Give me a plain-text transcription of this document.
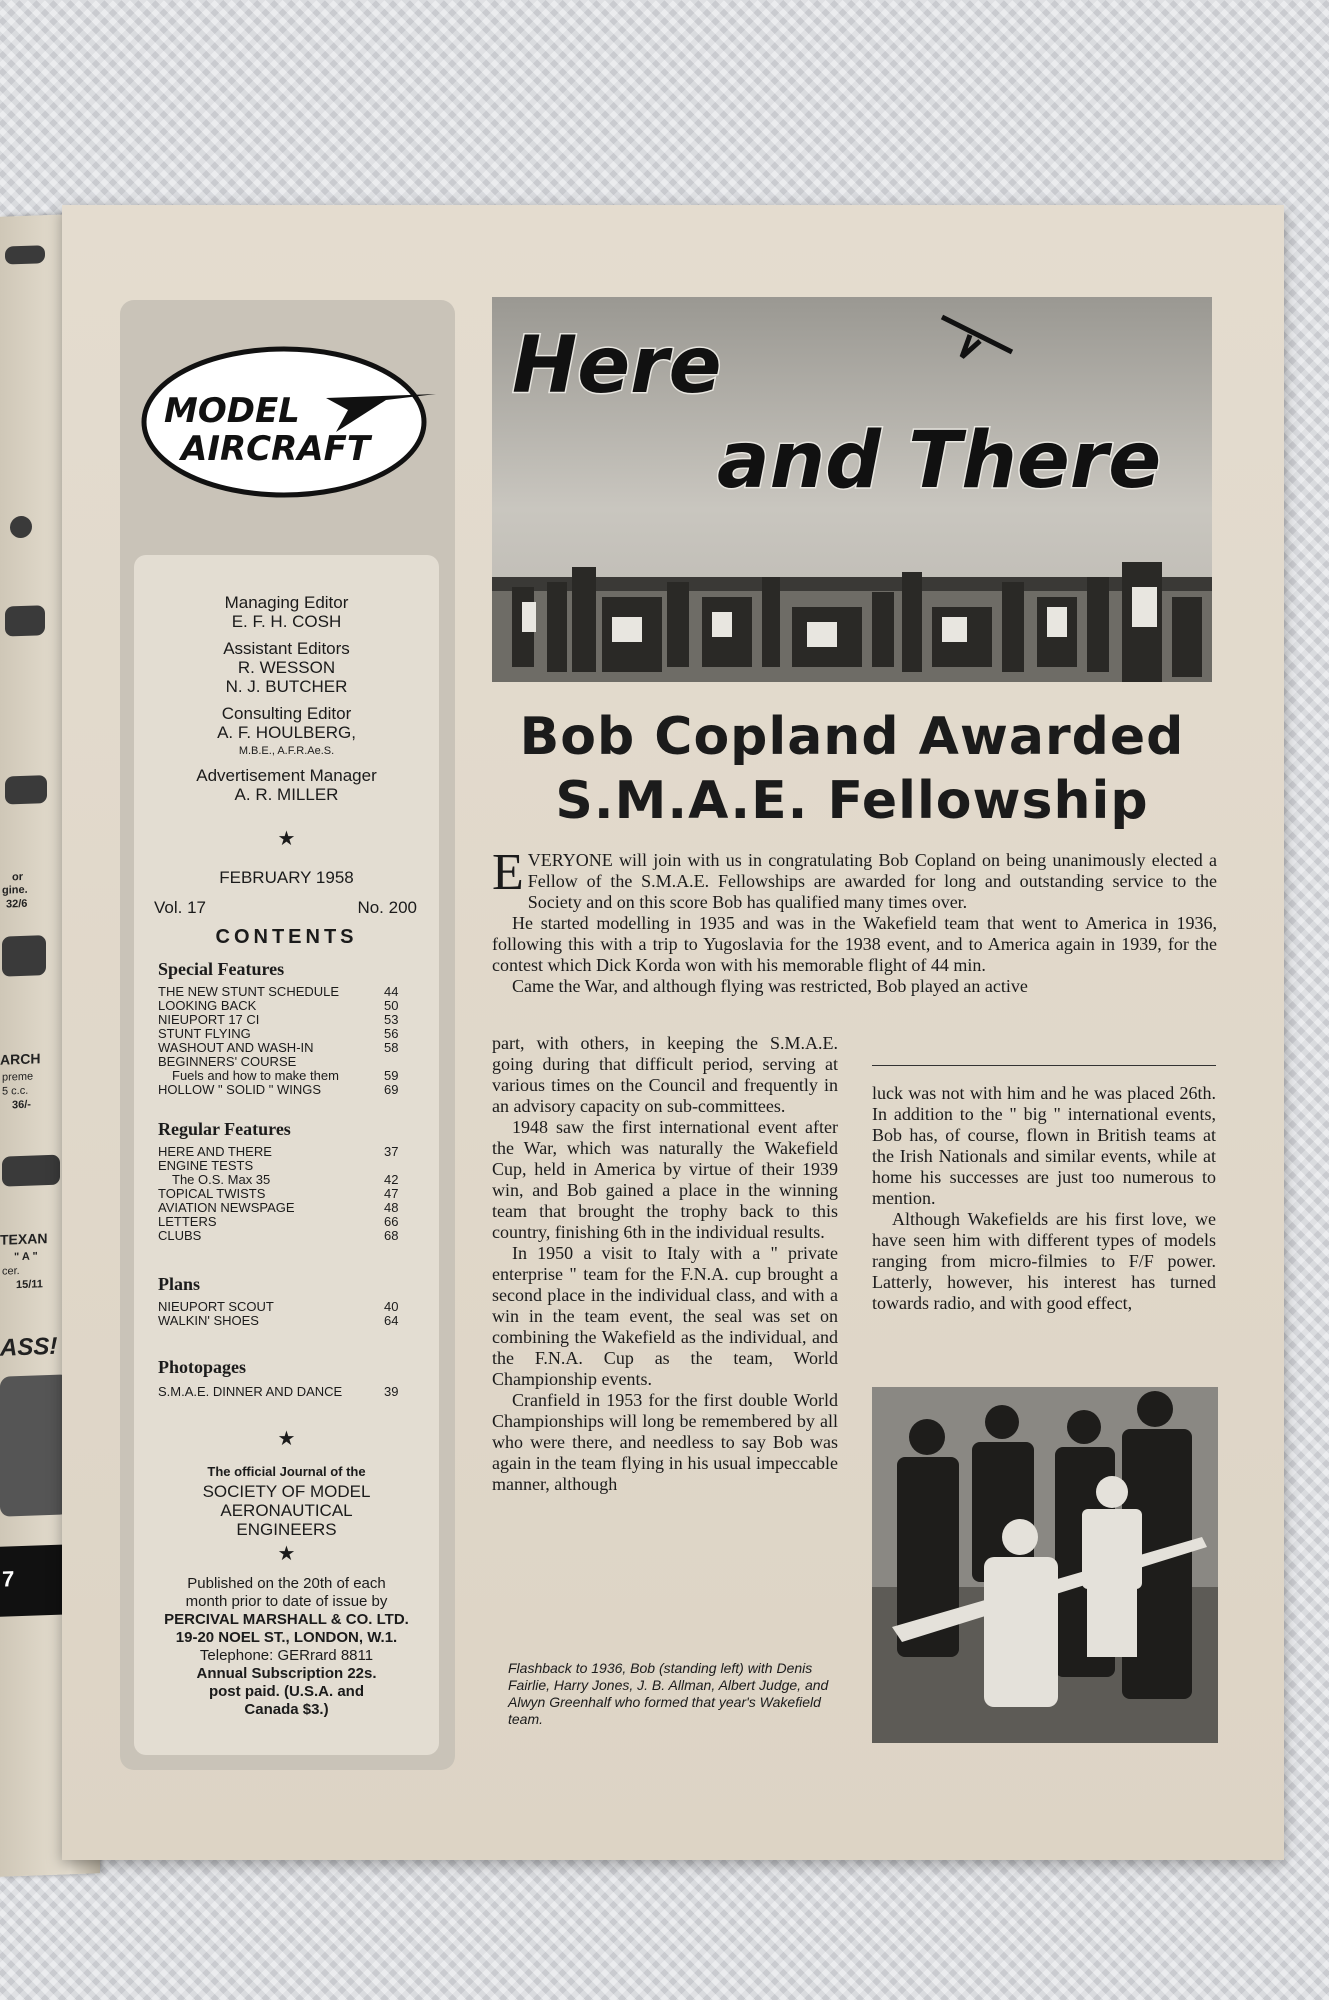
or
gine.
32/6
ARCH
preme
5 c.c.
36/-
TEXAN
" A "
cer.
15/11
ASS!
7
MODEL
AIRCRAFT
Managing Editor
E. F. H. COSH
Assistant Editors
R. WESSON
N. J. BUTCHER
Consulting Editor
A. F. HOULBERG,
M.B.E., A.F.R.Ae.S.
Advertisement Manager
A. R. MILLER
★
FEBRUARY 1958
Vol. 17	No. 200
CONTENTS
Special Features
THE NEW STUNT SCHEDULE	44
LOOKING BACK	50
NIEUPORT 17 CI	53
STUNT FLYING	56
WASHOUT AND WASH-IN	58
BEGINNERS' COURSE
Fuels and how to make them	59
HOLLOW " SOLID " WINGS	69
Regular Features
HERE AND THERE	37
ENGINE TESTS
The O.S. Max 35	42
TOPICAL TWISTS	47
AVIATION NEWSPAGE	48
LETTERS	66
CLUBS	68
Plans
NIEUPORT SCOUT	40
WALKIN' SHOES	64
Photopages
S.M.A.E. DINNER AND DANCE	39
★
The official Journal of the
SOCIETY OF MODEL
AERONAUTICAL
ENGINEERS
★
Published on the 20th of each
month prior to date of issue by
PERCIVAL MARSHALL & CO. LTD.
19-20 NOEL ST., LONDON, W.1.
Telephone: GERrard 8811
Annual Subscription 22s.
post paid. (U.S.A. and
Canada $3.)
Here
and There
Bob Copland Awarded
S.M.A.E. Fellowship

EVERYONE will join with us in congratulating Bob Copland on being unanimously elected a Fellow of the S.M.A.E. Fellowships are awarded for long and outstanding service to the Society and on this score Bob has qualified many times over.

He started modelling in 1935 and was in the Wakefield team that went to America in 1936, following this with a trip to Yugoslavia for the 1938 event, and to America again in 1939, for the contest which Dick Korda won with his memorable flight of 44 min.

Came the War, and although flying was restricted, Bob played an active

part, with others, in keeping the S.M.A.E. going during that difficult period, serving at various times on the Council and frequently in an advisory capacity on sub-committees.

1948 saw the first international event after the War, which was naturally the Wakefield Cup, held in America by virtue of their 1939 win, and Bob gained a place in the winning team that brought the trophy back to this country, finishing 6th in the individual results.

In 1950 a visit to Italy with a " private enterprise " team for the F.N.A. cup brought a second place in the individual class, and with a win in the team event, the seal was set on combining the Wakefield as the individual, and the F.N.A. Cup as the team, World Championship events.

Cranfield in 1953 for the first double World Championships will long be remembered by all who were there, and needless to say Bob was again in the team flying in his usual impeccable manner, although

luck was not with him and he was placed 26th. In addition to the " big " international events, Bob has, of course, flown in British teams at the Irish Nationals and similar events, while at home his successes are just too numerous to mention.

Although Wakefields are his first love, we have seen him with different types of models ranging from micro-filmies to F/F power. Latterly, however, his interest has turned towards radio, and with good effect,

Flashback to 1936, Bob (standing left) with Denis Fairlie, Harry Jones, J. B. Allman, Albert Judge, and Alwyn Greenhalf who formed that year's Wakefield team.
